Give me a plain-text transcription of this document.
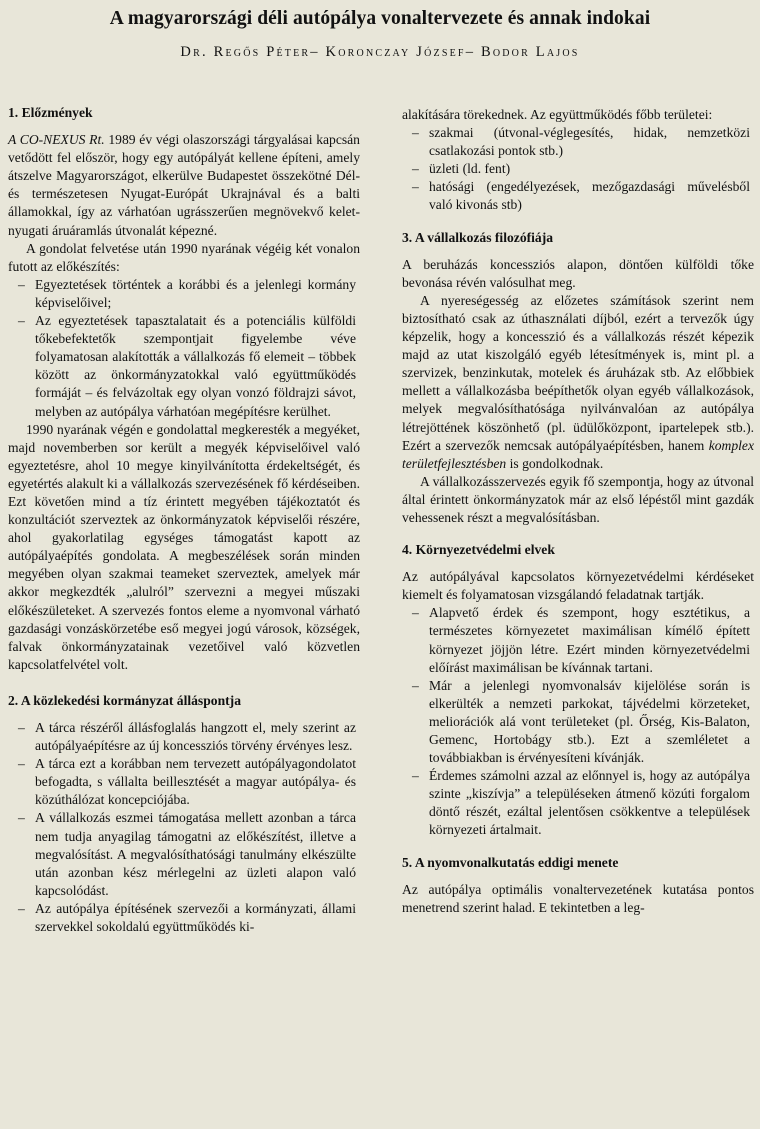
A magyarországi déli autópálya vonaltervezete és annak indokai
Dr. Regős Péter– Koronczay József– Bodor Lajos
1. Előzmények

A CO-NEXUS Rt. 1989 év végi olaszországi tárgyalásai kapcsán vetődött fel először, hogy egy autópályát kellene építeni, amely átszelve Magyarországot, elkerülve Budapestet összekötné Dél- és természetesen Nyugat-Európát Ukrajnával és a balti államokkal, így az várhatóan ugrásszerűen megnövekvő kelet-nyugati áruáramlás útvonalát képezné.

A gondolat felvetése után 1990 nyarának végéig két vonalon futott az előkészítés:

– Egyeztetések történtek a korábbi és a jelenlegi kormány képviselőivel;
– Az egyeztetések tapasztalatait és a potenciális külföldi tőkebefektetők szempontjait figyelembe véve folyamatosan alakították a vállalkozás fő elemeit – többek között az önkormányzatokkal való együttműködés formáját – és felvázoltak egy olyan vonzó földrajzi sávot, melyben az autópálya várhatóan megépítésre kerülhet.

1990 nyarának végén e gondolattal megkeresték a megyéket, majd novemberben sor került a megyék képviselőivel való egyeztetésre, ahol 10 megye kinyilvánította érdekeltségét, és egyetértés alakult ki a vállalkozás szervezésének fő kérdéseiben. Ezt követően mind a tíz érintett megyében tájékoztatót és konzultációt szerveztek az önkormányzatok képviselői részére, ahol gyakorlatilag egységes támogatást kapott az autópályaépítés gondolata. A megbeszélések során minden megyében olyan szakmai teameket szerveztek, amelyek már akkor megkezdték „alulról” szervezni a megyei műszaki előkészületeket. A szervezés fontos eleme a nyomvonal várható gazdasági vonzáskörzetébe eső megyei jogú városok, községek, falvak önkormányzatainak vezetőivel való közvetlen kapcsolatfelvétel volt.

2. A közlekedési kormányzat álláspontja
– A tárca részéről állásfoglalás hangzott el, mely szerint az autópályaépítésre az új koncessziós törvény érvényes lesz.
– A tárca ezt a korábban nem tervezett autópályagondolatot befogadta, s vállalta beillesztését a magyar autópálya- és közúthálózat koncepciójába.
– A vállalkozás eszmei támogatása mellett azonban a tárca nem tudja anyagilag támogatni az előkészítést, illetve a megvalósítást. A megvalósíthatósági tanulmány elkészülte után azonban kész mérlegelni az üzleti alapon való kapcsolódást.
– Az autópálya építésének szervezői a kormányzati, állami szervekkel sokoldalú együttműködés ki-

alakítására törekednek. Az együttműködés főbb területei:

– szakmai (útvonal-véglegesítés, hidak, nemzetközi csatlakozási pontok stb.)
– üzleti (ld. fent)
– hatósági (engedélyezések, mezőgazdasági művelésből való kivonás stb)
3. A vállalkozás filozófiája

A beruházás koncessziós alapon, döntően külföldi tőke bevonása révén valósulhat meg.

A nyereségesség az előzetes számítások szerint nem biztosítható csak az úthasználati díjból, ezért a tervezők úgy képzelik, hogy a koncesszió és a vállalkozás részét képezik majd az utat kiszolgáló egyéb létesítmények is, mint pl. a szervizek, benzinkutak, motelek és áruházak stb. Az előbbiek mellett a vállalkozásba beépíthetők olyan egyéb vállalkozások, melyek megvalósíthatósága nyilvánvalóan az autópálya létrejöttének köszönhető (pl. üdülőközpont, ipartelepek stb.). Ezért a szervezők nemcsak autópályaépítésben, hanem komplex területfejlesztésben is gondolkodnak.

A vállalkozásszervezés egyik fő szempontja, hogy az útvonal által érintett önkormányzatok már az első lépéstől mint gazdák vehessenek részt a megvalósításban.

4. Környezetvédelmi elvek

Az autópályával kapcsolatos környezetvédelmi kérdéseket kiemelt és folyamatosan vizsgálandó feladatnak tartják.

– Alapvető érdek és szempont, hogy esztétikus, a természetes környezetet maximálisan kímélő épített környezet jöjjön létre. Ezért minden környezetvédelmi előírást maximálisan be kívánnak tartani.
– Már a jelenlegi nyomvonalsáv kijelölése során is elkerülték a nemzeti parkokat, tájvédelmi körzeteket, meliorációk alá vont területeket (pl. Őrség, Kis-Balaton, Gemenc, Hortobágy stb.). Ezt a szemléletet a továbbiakban is érvényesíteni kívánják.
– Érdemes számolni azzal az előnnyel is, hogy az autópálya szinte „kiszívja” a településeken átmenő közúti forgalom döntő részét, ezáltal jelentősen csökkentve a települések környezeti ártalmait.
5. A nyomvonalkutatás eddigi menete

Az autópálya optimális vonaltervezetének kutatása pontos menetrend szerint halad. E tekintetben a leg-
